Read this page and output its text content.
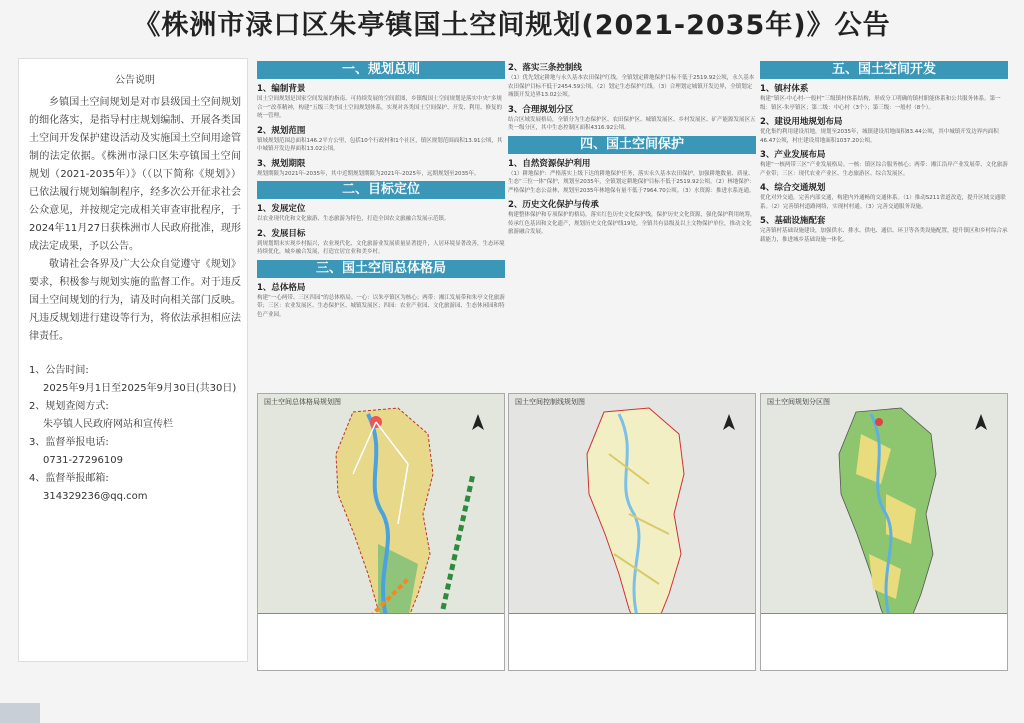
《株洲市渌口区朱亭镇国土空间规划(2021-2035年)》公告
公告说明

乡镇国土空间规划是对市县级国土空间规划的细化落实，是指导村庄规划编制、开展各类国土空间开发保护建设活动及实施国土空间用途管制的法定依据。《株洲市渌口区朱亭镇国土空间规划（2021-2035年）》（（以下简称《规划》）已依法履行规划编制程序，经多次公开征求社会公众意见，并按规定完成相关审查审批程序，于2024年11月27日获株洲市人民政府批准，现形成法定成果，予以公告。

敬请社会各界及广大公众自觉遵守《规划》要求，积极参与规划实施的监督工作。对于违反国土空间规划的行为，请及时向相关部门反映。凡违反规划进行建设等行为，将依法承担相应法律责任。

1、公告时间:

2025年9月1日至2025年9月30日(共30日)

2、规划查阅方式:

朱亭镇人民政府网站和宣传栏

3、监督举报电话:

0731-27296109

4、监督举报邮箱:

314329236@qq.com

一、规划总则
1、编制背景
国土空间规划是国家空间发展的指南、可持续发展的空间蓝图，乡镇级国土空间规划是落实中央“多规合一”改革精神，构建“五级三类”国土空间规划体系，实现对各类国土空间保护、开发、利用、修复的统一管理。
2、规划范围
镇域规划范围总面积146.2平方公里，包括10个行政村和1个社区，镇区规划范围面积13.91公顷，其中城镇开发边界面积13.02公顷。
3、规划期限
规划期限为2021年-2035年，其中近期规划期限为2021年-2025年，远期规划至2035年。
二、目标定位
1、发展定位
以农业现代化和文化旅游、生态旅游为特色，打造全国农文旅融合发展示范镇。
2、发展目标
到规划期末实现乡村振兴，农业现代化、文化旅游业发展质量显著提升，人居环境显著改善，生态环境持续优化，城乡融合发展，打造宜居宜业和美乡村。
三、国土空间总体格局
1、总体格局
构建“一心两带、三区四园”的总体格局。一心：以朱亭镇区为核心；两带：湘江发展带和朱亭文化旅游带；三区：农业发展区、生态保护区、城镇发展区；四园：农业产业园、文化旅游园、生态休闲园和特色产业园。
2、落实三条控制线
（1）优先划定耕地与永久基本农田保护红线，全镇划定耕地保护目标不低于2519.92公顷，永久基本农田保护目标不低于2454.59公顷。（2）划定生态保护红线。（3）合理划定城镇开发边界，全镇划定城镇开发边界13.02公顷。
3、合理规划分区
结合区域发展格局，全镇分为生态保护区、农田保护区、城镇发展区、乡村发展区、矿产能源发展区五类一级分区，其中生态控制区面积4316.92公顷。
四、国土空间保护
1、自然资源保护利用
（1）耕地保护：严格落实上级下达的耕地保护任务，落实永久基本农田保护，加强耕地数量、质量、生态“三位一体”保护，规划至2035年，全镇划定耕地保护目标不低于2519.92公顷。（2）林地保护：严格保护生态公益林，规划至2035年林地保有量不低于7964.70公顷。（3）水资源：推进水系连通。
2、历史文化保护与传承
构建整体保护和专项保护的格局，落实红色历史文化保护线，保护历史文化资源，强化保护利用统筹，传承红色基因和文化遗产，规划历史文化保护线19处，全镇共有县级及以上文物保护单位，推动文化旅游融合发展。
五、国土空间开发
1、镇村体系
构建“镇区-中心村-一般村”三级镇村体系结构，形成分工明确的镇村职能体系和公共服务体系。第一级：镇区-朱亭镇区；第二级：中心村（3个）；第三级：一般村（8个）。
2、建设用地规划布局
优化集约利用建设用地，规划至2035年，城镇建设用地面积83.44公顷，其中城镇开发边界内面积46.47公顷，村庄建设用地面积1037.20公顷。
3、产业发展布局
构建“一核两带三区”产业发展格局。一核：镇区综合服务核心；两带：湘江沿岸产业发展带、文化旅游产业带；三区：现代农业产业区、生态旅游区、综合发展区。
4、综合交通规划
优化对外交通，完善内部交通，构建内外通畅的交通体系。（1）推动S211省道改造，提升区域交通联系。（2）完善镇村道路网络，实现村村通。（3）完善交通服务设施。
5、基础设施配套
完善镇村基础设施建设，加强供水、排水、供电、通信、环卫等各类设施配置，提升镇区和乡村综合承载能力，推进城乡基础设施一体化。
国土空间总体格局规划图	国土空间控制线规划图	国土空间规划分区图
